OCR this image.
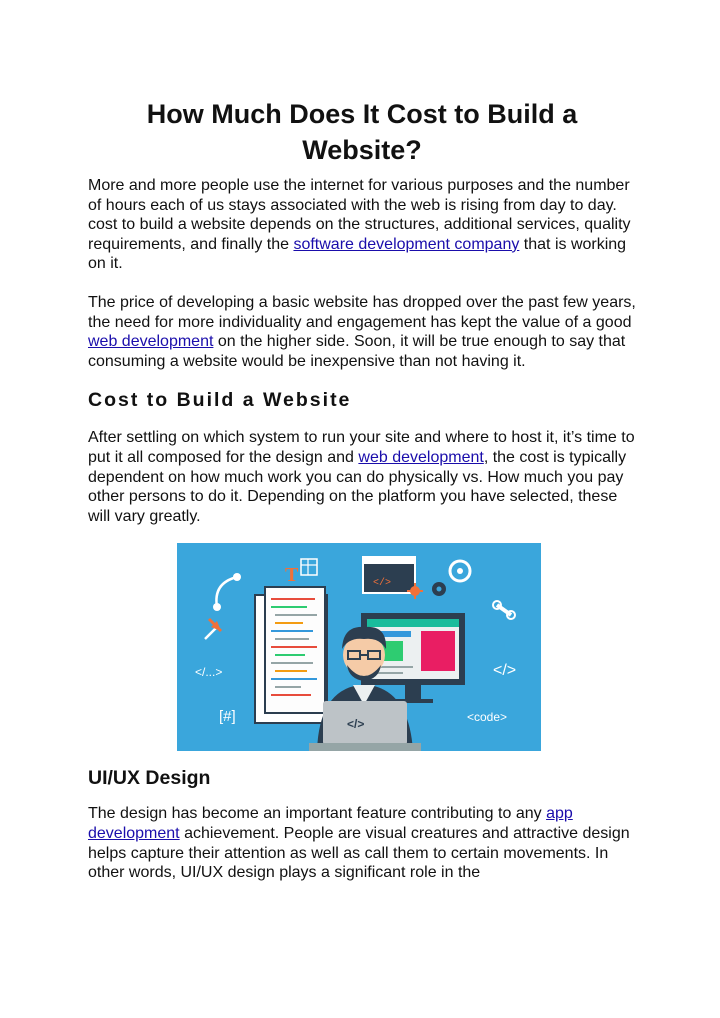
How Much Does It Cost to Build a Website?

More and more people use the internet for various purposes and the number of hours each of us stays associated with the web is rising from day to day. cost to build a website depends on the structures, additional services, quality requirements, and finally the software development company that is working on it.

The price of developing a basic website has dropped over the past few years, the need for more individuality and engagement has kept the value of a good web development on the higher side. Soon, it will be true enough to say that consuming a website would be inexpensive than not having it.

Cost to Build a Website

After settling on which system to run your site and where to host it, it’s time to put it all composed for the design and web development, the cost is typically dependent on how much work you can do physically vs. How much you pay other persons to do it. Depending on the platform you have selected, these will vary greatly.

</...>
[#]
T	</>
</>
<code>
</>
UI/UX Design

The design has become an important feature contributing to any app development achievement. People are visual creatures and attractive design helps capture their attention as well as call them to certain movements. In other words, UI/UX design plays a significant role in the
